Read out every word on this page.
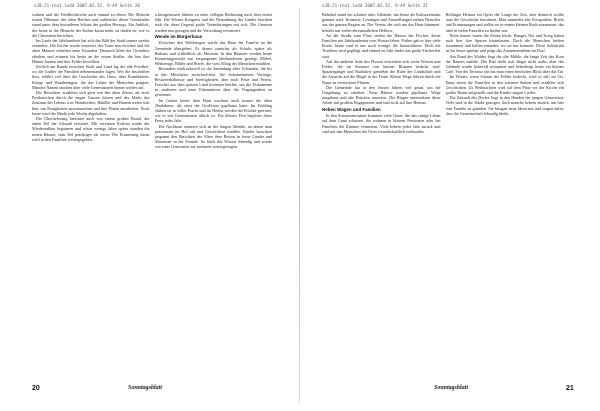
s20-21-text.indd 2005.02.22. 9:49 Seite 20

wahren und die Friedhofskirche auch einmal zu ehren. Die Mönche waren Ölbäume des alten Reiches und zahlreiche dieser Gemeinden stand unter dem besonderen Schutz des großen Herzogs. Ein Anblick, der heute in der Hinsicht der Kultur kaum mehr zu finden ist, wie es die Chronisten berichten.

Im Laufe der Jahrhunderte hat sich das Bild der Stadt immer wieder verändert. Die Kirche wurde erweitert, der Turm neu errichtet und die alten Mauern erhielten neue Fassaden. Dennoch blieb der Grundriss erhalten und erinnert bis heute an die ersten Siedler, die hier ihre Häuser bauten und ihre Felder bestellten.

Zeitlich am Rande zwischen Stadt und Land lag der alte Friedhof, wo die Gräber der Familien nebeneinander lagen. Wer die Inschriften liest, erfährt viel über die Geschichte des Ortes, über Krankheiten, Kriege und Wanderungen, die das Leben der Menschen prägten. Manche Namen tauchen über viele Generationen immer wieder auf.

Die Bewohner erzählten sich gern von den alten Zeiten, als noch Postkutschen durch die engen Gassen fuhren und der Markt das Zentrum des Lebens war. Handwerker, Händler und Bauern trafen sich hier, um Neuigkeiten auszutauschen und ihre Waren anzubieten. Noch heute wird der Markt jede Woche abgehalten.

Die Überlieferung berichtet auch von einem großen Brand, der einen Teil der Altstadt zerstörte. Mit vereinten Kräften wurde der Wiederaufbau begonnen und schon wenige Jahre später standen die neuen Häuser, zum Teil prächtiger als zuvor. Die Erinnerung daran wird in den Familien weitergegeben.

schrittgenossen führten zu einer völligen Bedeutung nach dem ersten Jahr. Der Wiener Kongress und die Neuordnung der Länder brachten auch für diese Gegend große Veränderungen mit sich. Die Grenzen wurden neu gezogen und die Verwaltung reformiert.

Wende im Bürgerhaus

Zwischen den Weltkriegen wurde das Haus der Familie an die Gemeinde übergeben. Es diente zunächst als Schule, später als Rathaus und schließlich als Museum. In den Räumen werden heute Erinnerungsstücke aus vergangenen Jahrhunderten gezeigt: Möbel, Werkzeuge, Bilder und Briefe, die vom Alltag der Menschen erzählen.

Besonders eindrucksvoll ist die Sammlung alter Urkunden, die bis in das Mittelalter zurückreichen. Sie dokumentieren Verträge, Besitzverhältnisse und Streitigkeiten, aber auch Feste und Feiern. Forscher aus dem ganzen Land kommen hierher, um die Dokumente zu studieren und neue Erkenntnisse über die Vergangenheit zu gewinnen.

Im Garten hinter dem Haus wachsen noch immer die alten Obstbäume, die einst der Großvater gepflanzt hatte. Im Frühling blühen sie in voller Pracht und im Herbst werden die Früchte geerntet, wie es seit Generationen üblich ist. Ein kleines Fest begleitet diese Ernte jedes Jahr.

Die Nachbarn erinnern sich an die langen Abende, an denen man gemeinsam im Hof saß und Geschichten erzählte. Kinder lauschten gespannt den Berichten der Alten über Reisen in ferne Länder und Abenteuer in der Fremde. So blieb das Wissen lebendig und wurde von einer Generation zur nächsten weitergetragen.

20	Sonntagsblatt
s20-21-text.indd 2005.02.22. 9:49 Seite 21

Bahnhof stand ein schönes altes Gebäude, das heute als Kulturzentrum genutzt wird. Konzerte, Lesungen und Ausstellungen ziehen Besucher aus der ganzen Region an. Der Verein, der sich um das Haus kümmert, besteht aus vielen ehrenamtlichen Helfern.

An der Straße zum Fluss stehen die Häuser der Fischer, deren Familien seit Jahrhunderten vom Wasser leben. Früher gab es hier viele Boote, heute sind es nur noch wenige, die hinausfahren. Doch die Tradition wird gepflegt und einmal im Jahr findet das große Fischerfest statt.

Auf der anderen Seite des Flusses erstrecken sich weite Wiesen und Felder, die im Sommer von bunten Blumen bedeckt sind. Spaziergänger und Radfahrer genießen die Ruhe der Landschaft und die Aussicht auf die Hügel in der Ferne. Kleine Wege führen durch die Natur zu versteckten Plätzen.

Die Gemeinde hat in den letzten Jahren viel getan, um die Umgebung zu erhalten. Neue Bäume wurden gepflanzt, Wege ausgebaut und alte Brücken renoviert. Die Bürger unterstützen diese Arbeit mit großem Engagement und sind stolz auf ihre Heimat.

Neben Wagen und Familien

In den Sommermonaten kommen viele Gäste, die das ruhige Leben auf dem Land schätzen. Sie wohnen in kleinen Pensionen oder bei Familien, die Zimmer vermieten. Viele kehren jedes Jahr zurück und sind mit den Menschen des Ortes freundschaftlich verbunden.

Helfinger Heimat ein Opfer der Lange der Zeit, aber dennoch wollte man die Geschichte bewahren. Man sammelte alte Fotografien, Briefe und Erinnerungen und stellte sie in einem kleinen Buch zusammen, das bald in vielen Familien zu finden war.

Nicht immer waren die Zeiten leicht. Hunger, Not und Krieg haben auch hier ihre Spuren hinterlassen. Doch die Menschen hielten zusammen und halfen einander, wo sie nur konnten. Diese Solidarität ist bis heute spürbar und prägt das Zusammenleben im Dorf.

Am Rand des Waldes liegt die alte Mühle, die lange Zeit das Korn der Bauern mahlte. Das Rad dreht sich längst nicht mehr, aber das Gebäude wurde liebevoll restauriert und beherbergt heute ein kleines Café. Von der Terrasse aus hat man einen herrlichen Blick über das Tal.

Im Winter, wenn Schnee die Felder bedeckt, wird es still im Ort. Dann sitzen die Familien in den warmen Stuben und erzählen sich Geschichten. Zu Weihnachten wird auf dem Platz vor der Kirche ein großer Baum aufgestellt und die Kinder singen Lieder.

Die Zukunft des Dorfes liegt in den Händen der jungen Generation. Viele sind in die Städte gezogen, doch manche kehren zurück, um hier eine Familie zu gründen. Sie bringen neue Ideen mit und sorgen dafür, dass die Gemeinschaft lebendig bleibt.

21
Sonntagsblatt
